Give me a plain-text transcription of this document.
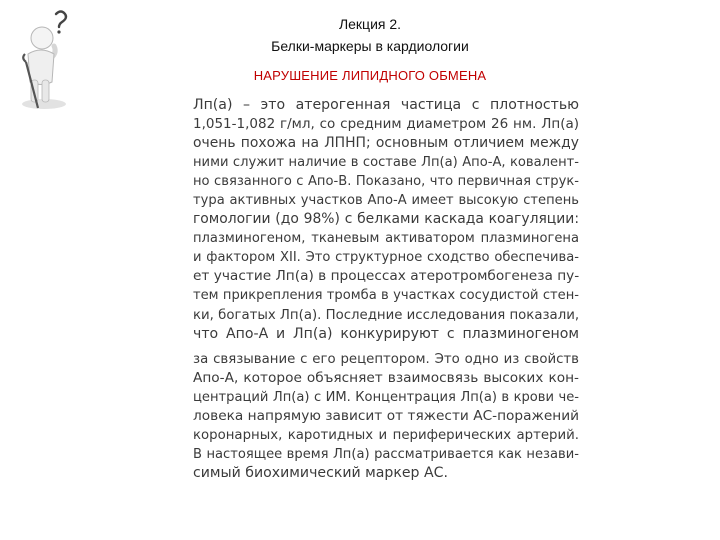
Лекция 2.
Белки-маркеры в кардиологии
НАРУШЕНИЕ ЛИПИДНОГО ОБМЕНА
Лп(а) – это атерогенная частица с плотностью
1,051-1,082 г/мл, со средним диаметром 26 нм. Лп(а)
очень похожа на ЛПНП; основным отличием между
ними служит наличие в составе Лп(а) Апо-А, ковалент-
но связанного с Апо-В. Показано, что первичная струк-
тура активных участков Апо-А имеет высокую степень
гомологии (до 98%) с белками каскада коагуляции:
плазминогеном, тканевым активатором плазминогена
и фактором XII. Это структурное сходство обеспечива-
ет участие Лп(а) в процессах атеротромбогенеза пу-
тем прикрепления тромба в участках сосудистой стен-
ки, богатых Лп(а). Последние исследования показали,
что Апо-А и Лп(а) конкурируют с плазминогеном
за связывание с его рецептором. Это одно из свойств
Апо-А, которое объясняет взаимосвязь высоких кон-
центраций Лп(а) с ИМ. Концентрация Лп(а) в крови че-
ловека напрямую зависит от тяжести АС-поражений
коронарных, каротидных и периферических артерий.
В настоящее время Лп(а) рассматривается как незави-
симый биохимический маркер АС.
